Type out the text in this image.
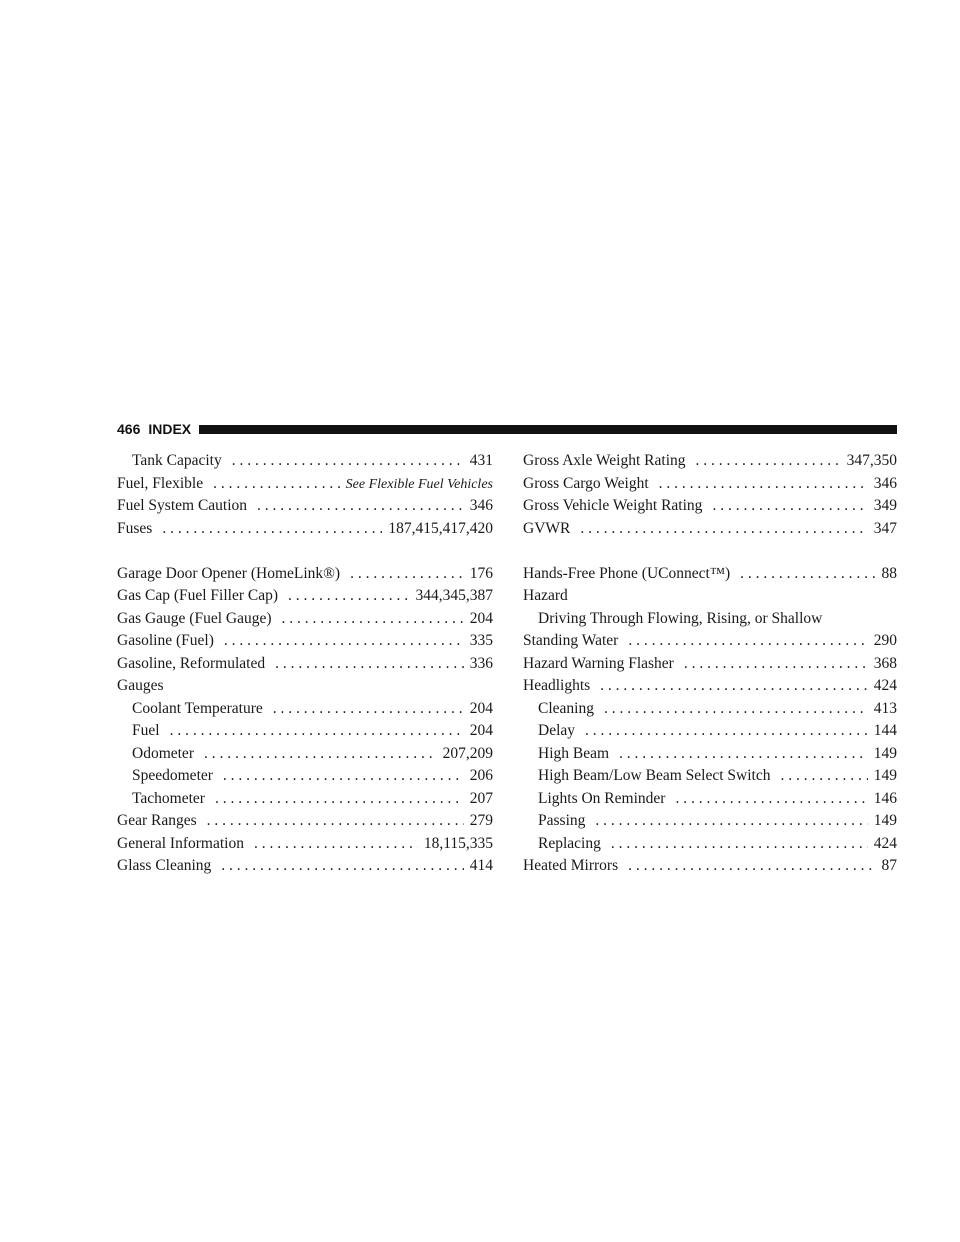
466 INDEX
Tank Capacity . . .	431
Fuel, Flexible . . .	See Flexible Fuel Vehicles
Fuel System Caution . . .	346
Fuses . . .	187,415,417,420
Garage Door Opener (HomeLink®) . . .	176
Gas Cap (Fuel Filler Cap) . . .	344,345,387
Gas Gauge (Fuel Gauge) . . .	204
Gasoline (Fuel) . . .	335
Gasoline, Reformulated . . .	336
Gauges
Coolant Temperature . . .	204
Fuel . . .	204
Odometer . . .	207,209
Speedometer . . .	206
Tachometer . . .	207
Gear Ranges . . .	279
General Information . . .	18,115,335
Glass Cleaning . . .	414
Gross Axle Weight Rating . . .	347,350
Gross Cargo Weight . . .	346
Gross Vehicle Weight Rating . . .	349
GVWR . . .	347
Hands-Free Phone (UConnect™) . . .	88
Hazard
Driving Through Flowing, Rising, or Shallow
Standing Water . . .	290
Hazard Warning Flasher . . .	368
Headlights . . .	424
Cleaning . . .	413
Delay . . .	144
High Beam . . .	149
High Beam/Low Beam Select Switch . . .	149
Lights On Reminder . . .	146
Passing . . .	149
Replacing . . .	424
Heated Mirrors . . .	87
